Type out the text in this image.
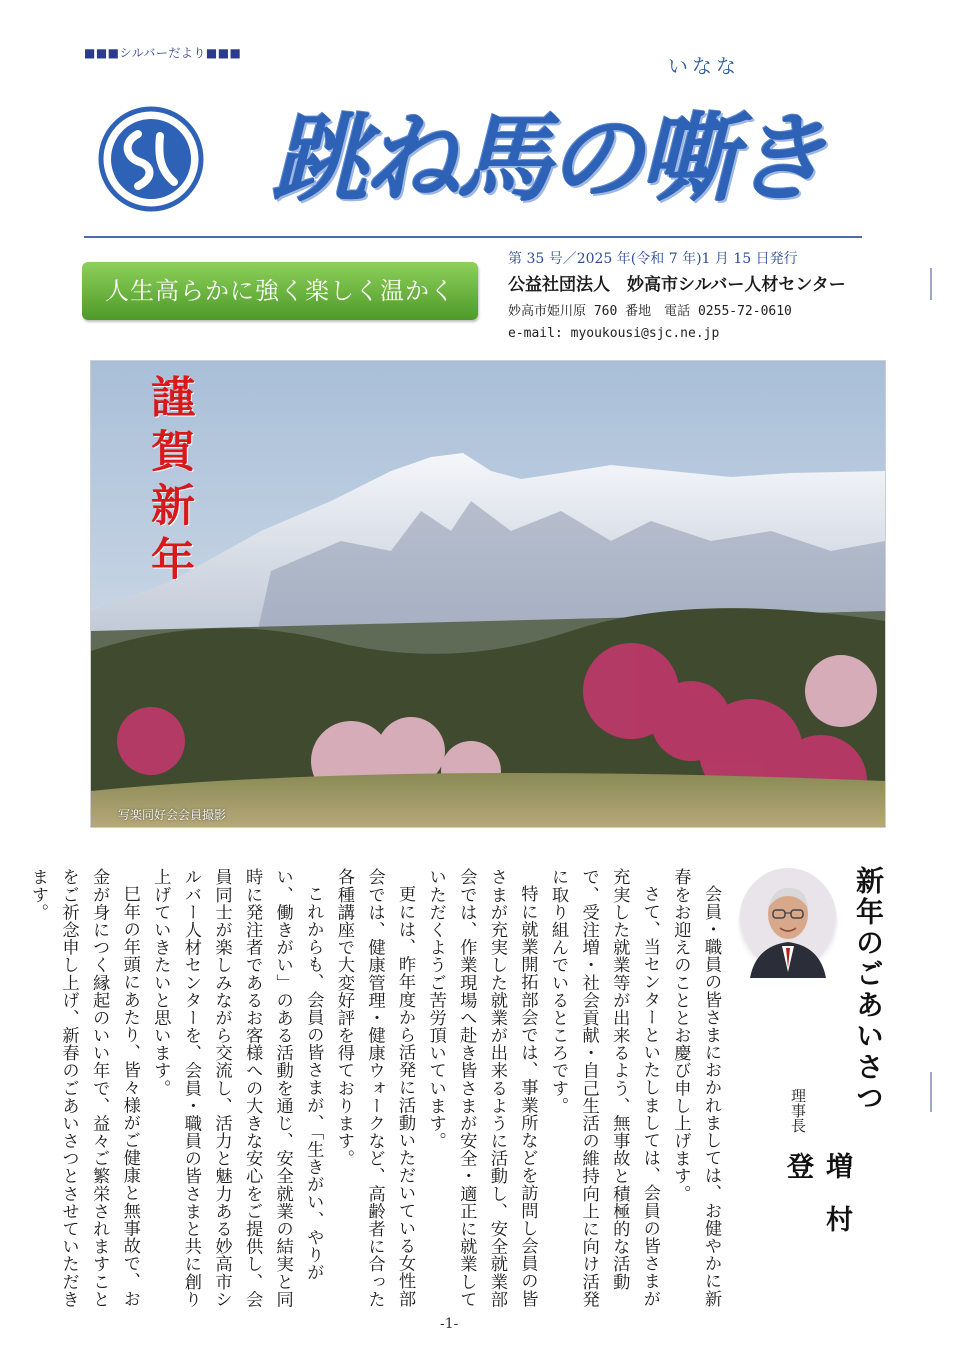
■■■シルバーだより■■■
いなな
跳ね馬の嘶き
人生高らかに強く楽しく温かく
第 35 号／2025 年(令和 7 年)1 月 15 日発行
公益社団法人　妙高市シルバー人材センター
妙高市姫川原 760 番地　電話 0255-72-0610
e-mail: myoukousi@sjc.ne.jp
謹賀新年
写楽同好会会員撮影
新年のごあいさつ
理事長
増村　登

会員・職員の皆さまにおかれましては、お健やかに新春をお迎えのこととお慶び申し上げます。

さて、当センターといたしましては、会員の皆さまが充実した就業等が出来るよう、無事故と積極的な活動で、受注増・社会貢献・自己生活の維持向上に向け活発に取り組んでいるところです。

特に就業開拓部会では、事業所などを訪問し会員の皆さまが充実した就業が出来るように活動し、安全就業部会では、作業現場へ赴き皆さまが安全・適正に就業していただくようご苦労頂いています。

更には、昨年度から活発に活動いただいている女性部会では、健康管理・健康ウォークなど、高齢者に合った各種講座で大変好評を得ております。

これからも、会員の皆さまが、「生きがい、やりがい、働きがい」のある活動を通じ、安全就業の結実と同時に発注者であるお客様への大きな安心をご提供し、会員同士が楽しみながら交流し、活力と魅力ある妙高市シルバー人材センターを、会員・職員の皆さまと共に創り上げていきたいと思います。

巳年の年頭にあたり、皆々様がご健康と無事故で、お金が身につく縁起のいい年で、益々ご繁栄されますことをご祈念申し上げ、新春のごあいさつとさせていただきます。

-1-
